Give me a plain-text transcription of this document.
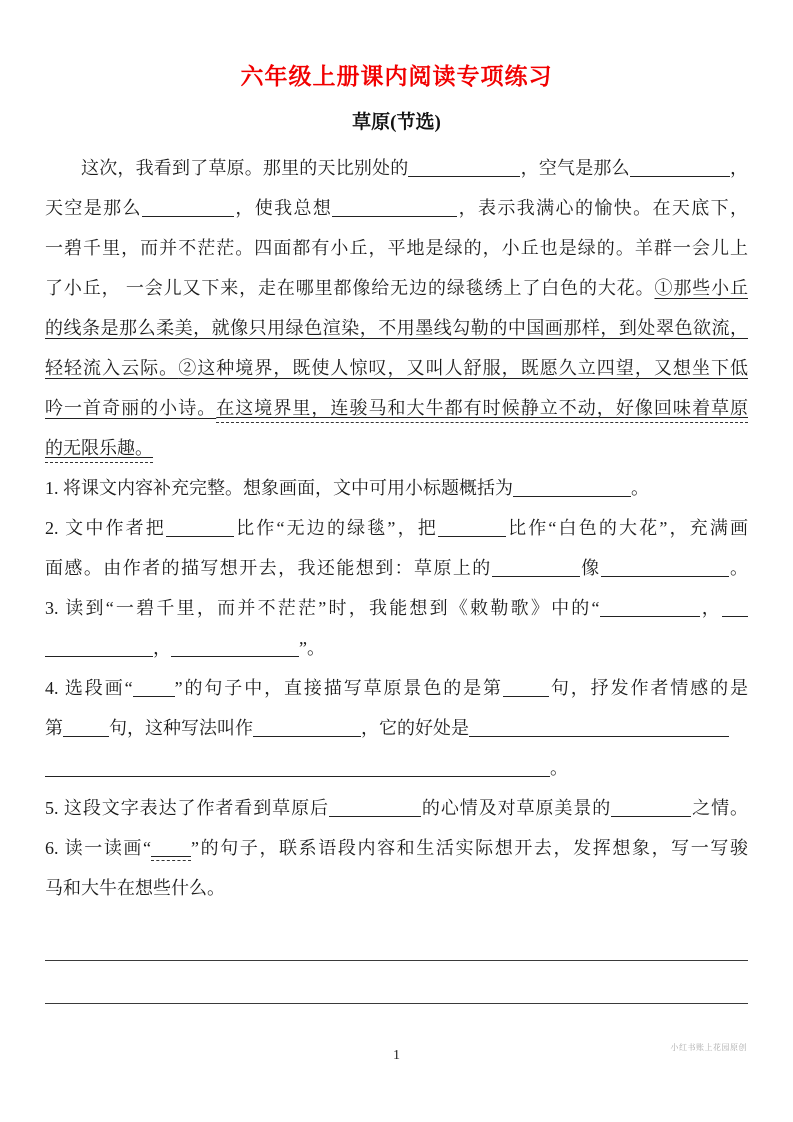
六年级上册课内阅读专项练习
草原(节选)
这次，我看到了草原。那里的天比别处的	，空气是那么	，
天空是那么	，使我总想	，表示我满心的愉快。在天底下，
一碧千里，而并不茫茫。四面都有小丘，平地是绿的，小丘也是绿的。羊群一会儿上
了小丘， 一会儿又下来，走在哪里都像给无边的绿毯绣上了白色的大花。①那些小丘
的线条是那么柔美，就像只用绿色渲染，不用墨线勾勒的中国画那样，到处翠色欲流，
轻轻流入云际。②这种境界，既使人惊叹，又叫人舒服，既愿久立四望，又想坐下低
吟一首奇丽的小诗。在这境界里，连骏马和大牛都有时候静立不动，好像回味着草原
的无限乐趣。
1. 将课文内容补充完整。想象画面，文中可用小标题概括为	。
2. 文中作者把	比作“无边的绿毯”，把	比作“白色的大花”，充满画
面感。由作者的描写想开去，我还能想到：草原上的	像	。
3. 读到“一碧千里，而并不茫茫”时，我能想到《敕勒歌》中的“	，
，	”。
4. 选段画“ ”的句子中，直接描写草原景色的是第	句，抒发作者情感的是
第	句，这种写法叫作	，它的好处是
。
5. 这段文字表达了作者看到草原后	的心情及对草原美景的	之情。
6. 读一读画“ ”的句子，联系语段内容和生活实际想开去，发挥想象，写一写骏
马和大牛在想些什么。
小红书账上花园原创
1
